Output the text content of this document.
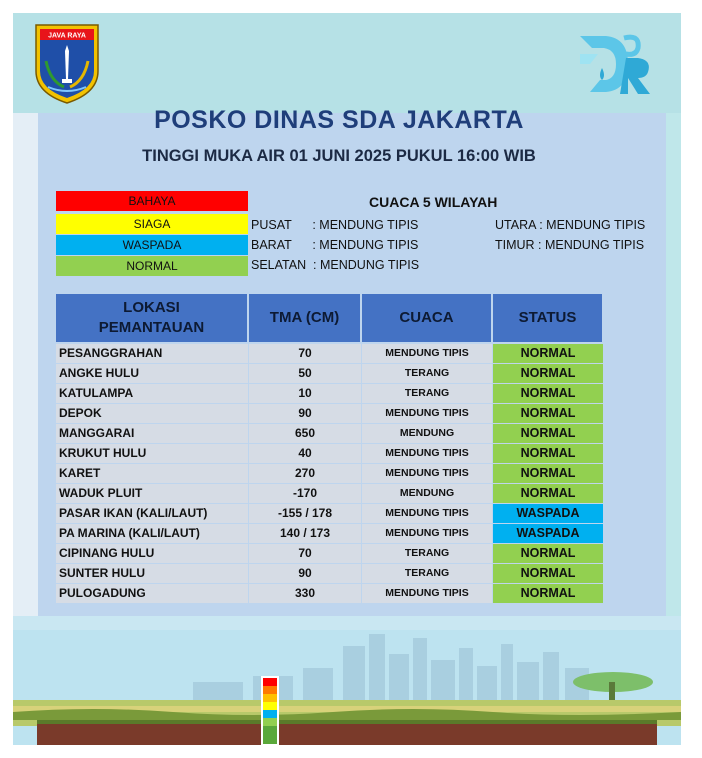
JAVA RAYA
POSKO DINAS SDA JAKARTA
TINGGI MUKA AIR 01 JUNI 2025 PUKUL 16:00 WIB
BAHAYA
SIAGA
WASPADA
NORMAL
CUACA 5 WILAYAH
PUSAT      : MENDUNG TIPIS
BARAT      : MENDUNG TIPIS
SELATAN  : MENDUNG TIPIS
UTARA : MENDUNG TIPIS
TIMUR : MENDUNG TIPIS
LOKASI
PEMANTAUAN
TMA (CM)	CUACA	STATUS
PESANGGRAHAN	70	MENDUNG TIPIS	NORMAL
ANGKE HULU	50	TERANG	NORMAL
KATULAMPA	10	TERANG	NORMAL
DEPOK	90	MENDUNG TIPIS	NORMAL
MANGGARAI	650	MENDUNG	NORMAL
KRUKUT HULU	40	MENDUNG TIPIS	NORMAL
KARET	270	MENDUNG TIPIS	NORMAL
WADUK PLUIT	-170	MENDUNG	NORMAL
PASAR IKAN (KALI/LAUT)	-155 / 178	MENDUNG TIPIS	WASPADA
PA MARINA (KALI/LAUT)	140 / 173	MENDUNG TIPIS	WASPADA
CIPINANG HULU	70	TERANG	NORMAL
SUNTER HULU	90	TERANG	NORMAL
PULOGADUNG	330	MENDUNG TIPIS	NORMAL
